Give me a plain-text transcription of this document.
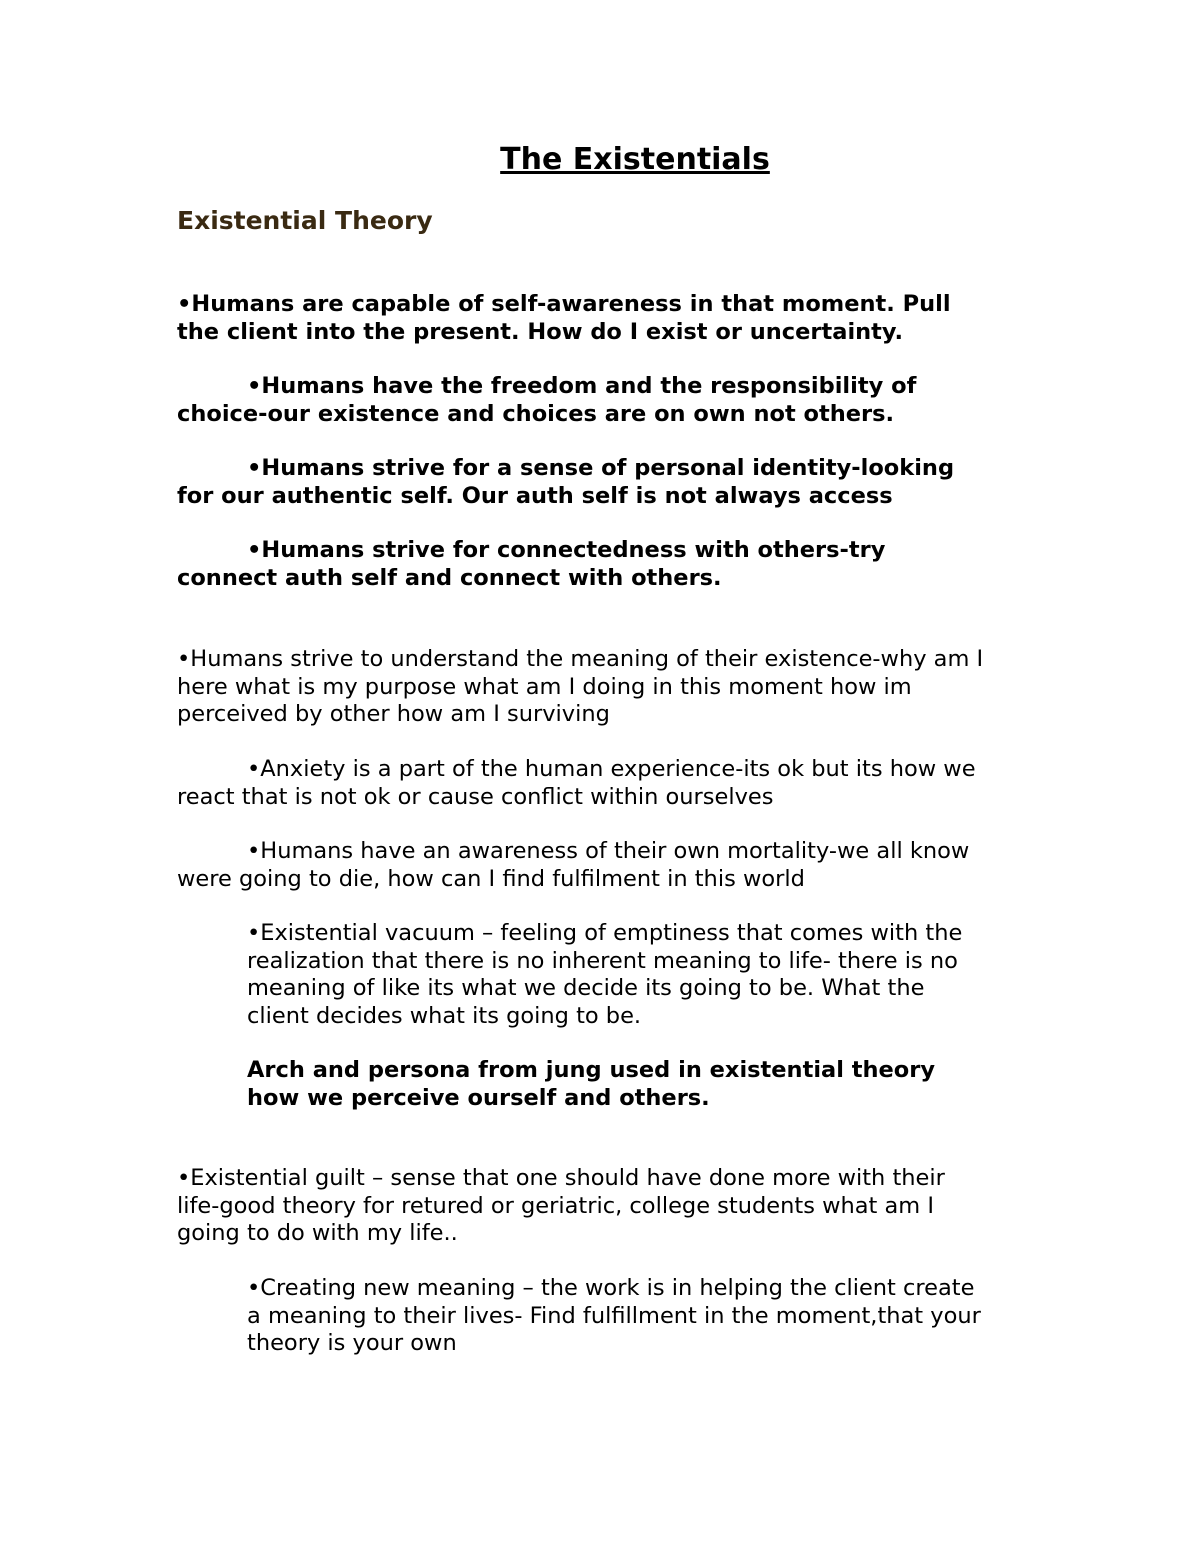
The Existentials
Existential Theory

•Humans are capable of self-awareness in that moment. Pull
the client into the present. How do I exist or uncertainty.

•Humans have the freedom and the responsibility of
choice-our existence and choices are on own not others.

•Humans strive for a sense of personal identity-looking
for our authentic self. Our auth self is not always access

•Humans strive for connectedness with others-try
connect auth self and connect with others.

•Humans strive to understand the meaning of their existence-why am I
here what is my purpose what am I doing in this moment how im
perceived by other how am I surviving

•Anxiety is a part of the human experience-its ok but its how we
react that is not ok or cause conflict within ourselves

•Humans have an awareness of their own mortality-we all know
were going to die, how can I find fulfilment in this world

•Existential vacuum – feeling of emptiness that comes with the
realization that there is no inherent meaning to life- there is no
meaning of like its what we decide its going to be. What the
client decides what its going to be.

Arch and persona from jung used in existential theory
how we perceive ourself and others.

•Existential guilt – sense that one should have done more with their
life-good theory for retured or geriatric, college students what am I
going to do with my life..

•Creating new meaning – the work is in helping the client create
a meaning to their lives- Find fulfillment in the moment,that your
theory is your own
